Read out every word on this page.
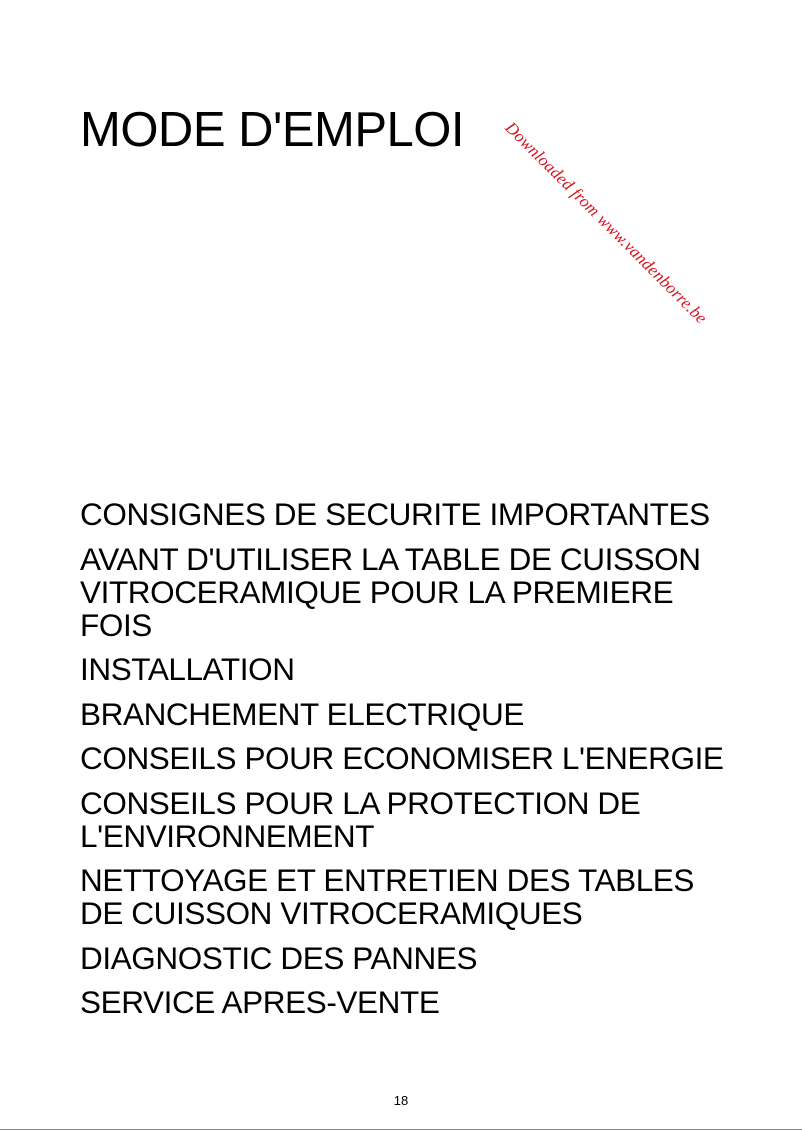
Downloaded from www.vandenborre.be
MODE D'EMPLOI
CONSIGNES DE SECURITE IMPORTANTES
AVANT D'UTILISER LA TABLE DE CUISSON VITROCERAMIQUE POUR LA PREMIERE FOIS
INSTALLATION
BRANCHEMENT ELECTRIQUE
CONSEILS POUR ECONOMISER L'ENERGIE
CONSEILS POUR LA PROTECTION DE L'ENVIRONNEMENT
NETTOYAGE ET ENTRETIEN DES TABLES DE CUISSON VITROCERAMIQUES
DIAGNOSTIC DES PANNES
SERVICE APRES-VENTE
18
